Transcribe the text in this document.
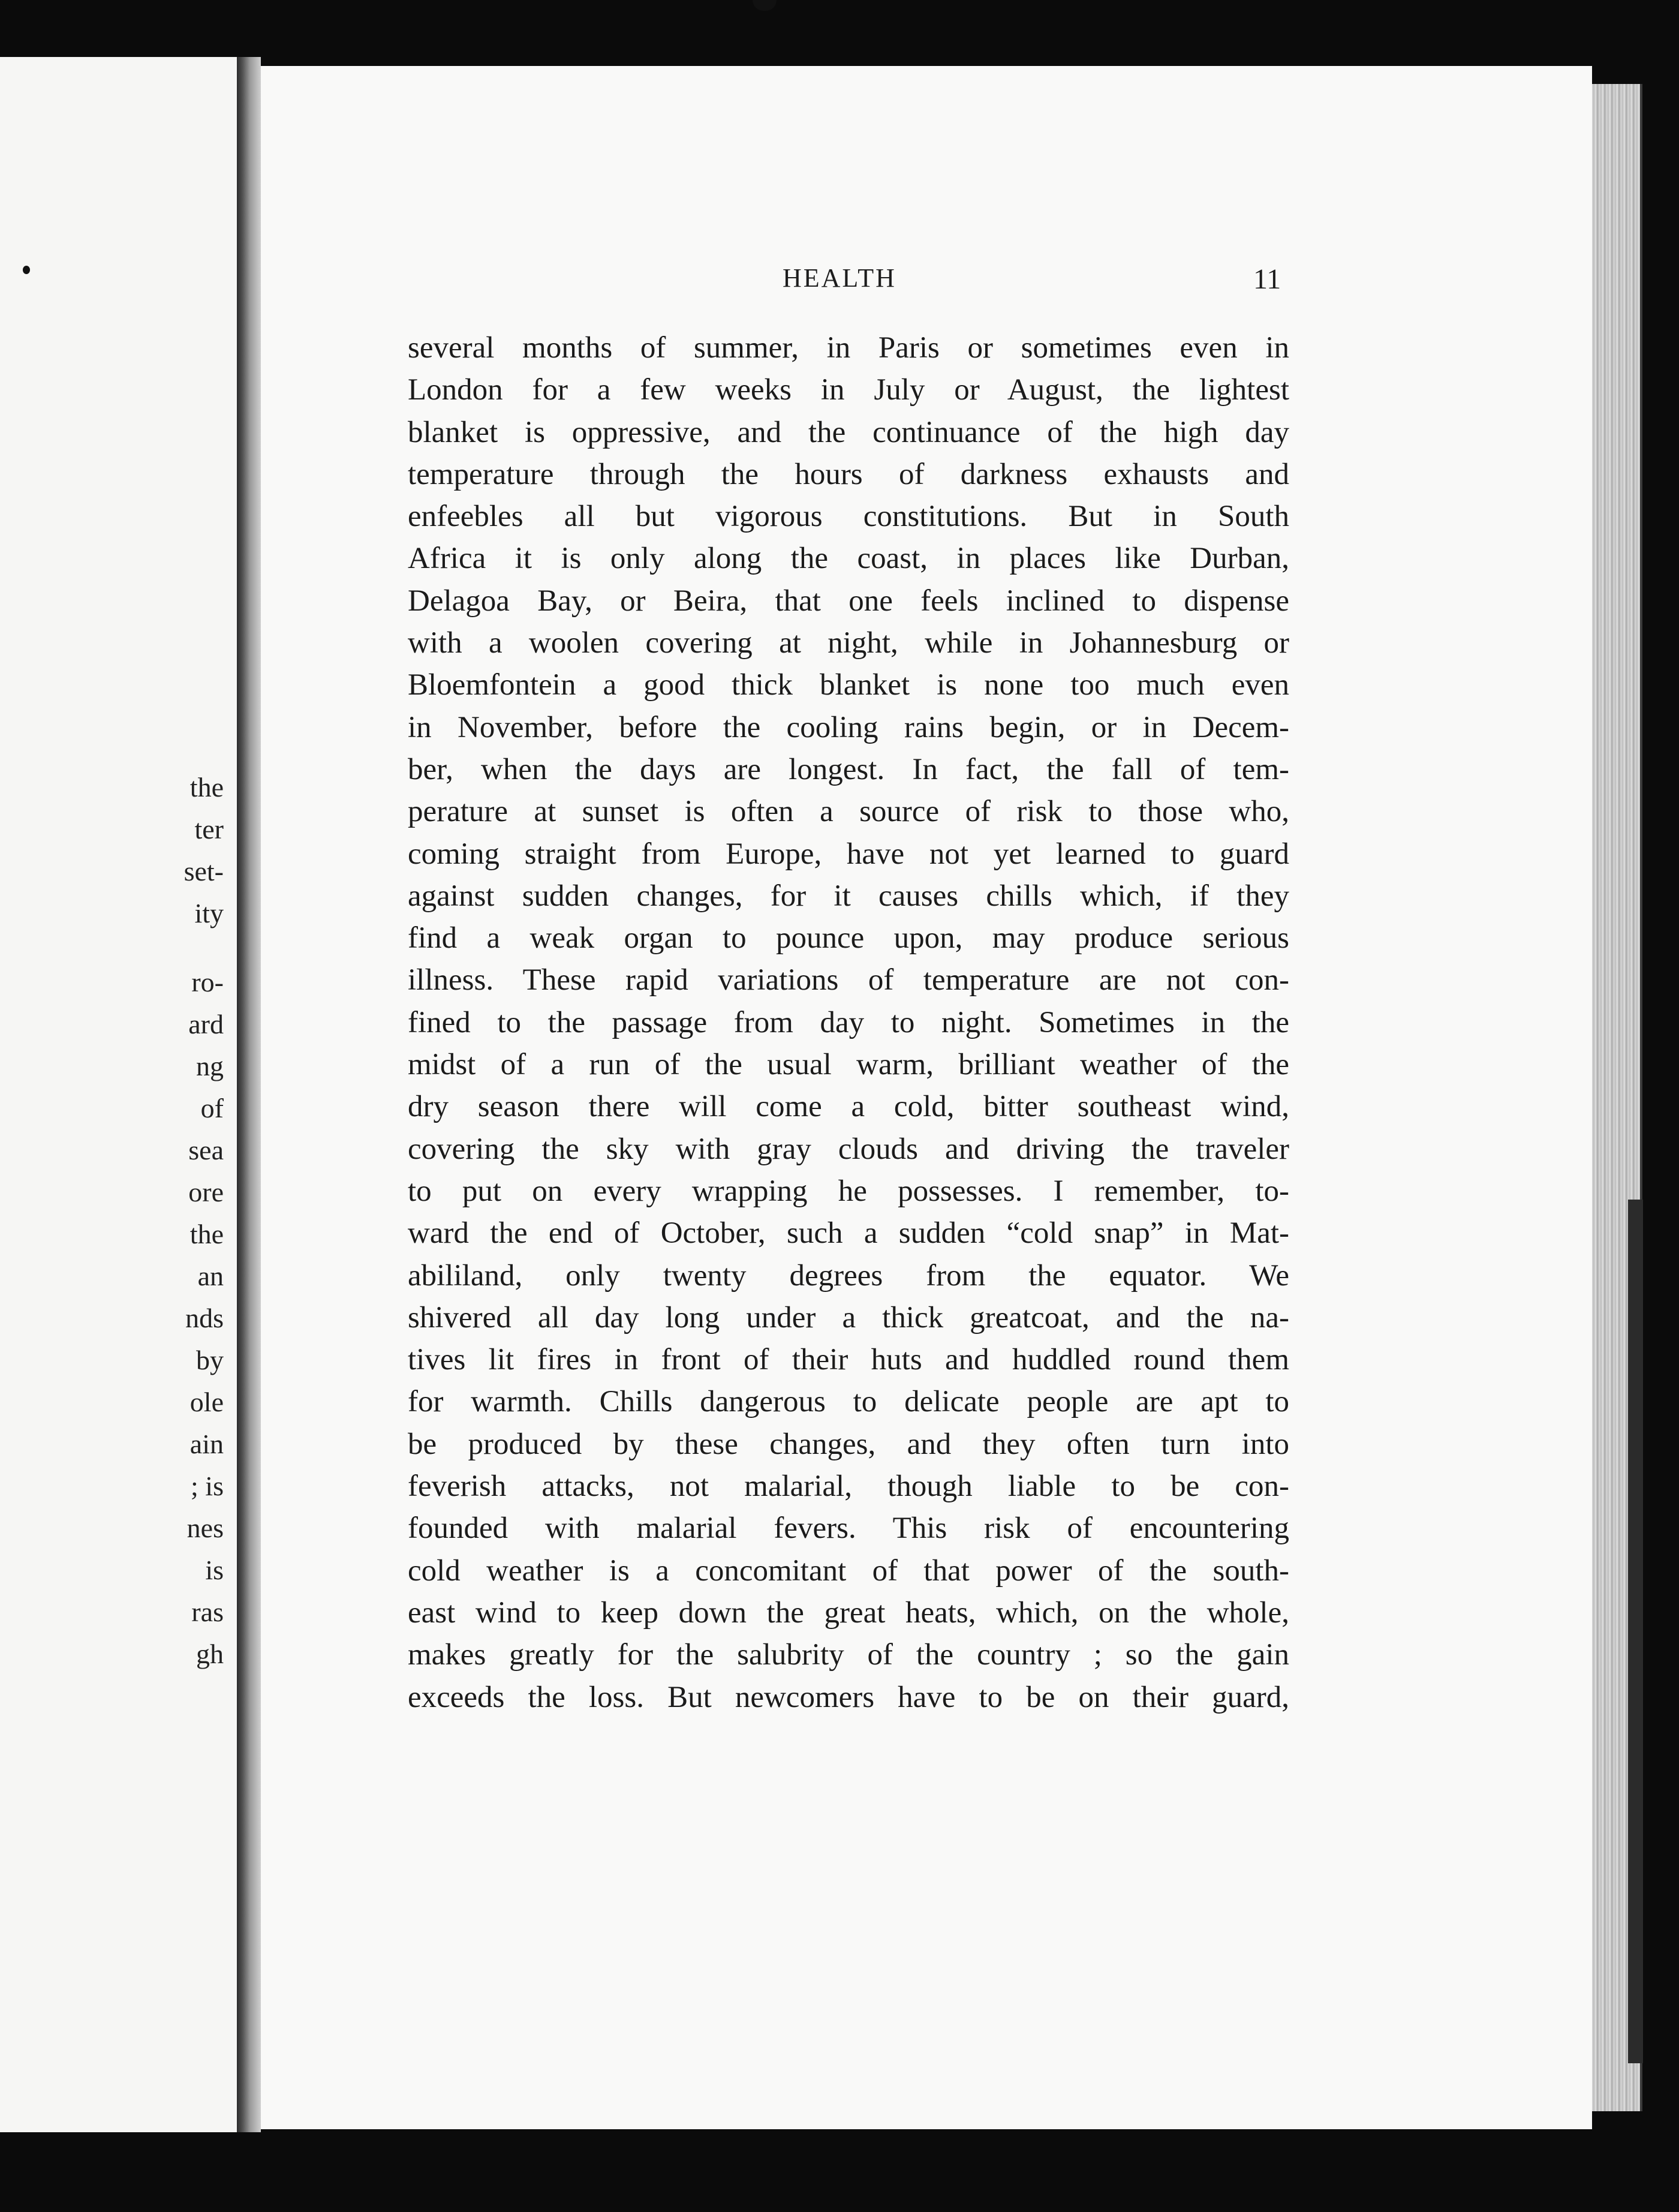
the
ter
set-
ity
ro-
ard
ng
of
sea
ore
the
an
nds
by
ole
ain
; is
nes
is
ras
gh
HEALTH	11
several months of summer, in Paris or sometimes even in
London for a few weeks in July or August, the lightest
blanket is oppressive, and the continuance of the high day
temperature through the hours of darkness exhausts and
enfeebles all but vigorous constitutions. But in South
Africa it is only along the coast, in places like Durban,
Delagoa Bay, or Beira, that one feels inclined to dispense
with a woolen covering at night, while in Johannesburg or
Bloemfontein a good thick blanket is none too much even
in November, before the cooling rains begin, or in Decem-
ber, when the days are longest. In fact, the fall of tem-
perature at sunset is often a source of risk to those who,
coming straight from Europe, have not yet learned to guard
against sudden changes, for it causes chills which, if they
find a weak organ to pounce upon, may produce serious
illness. These rapid variations of temperature are not con-
fined to the passage from day to night. Sometimes in the
midst of a run of the usual warm, brilliant weather of the
dry season there will come a cold, bitter southeast wind,
covering the sky with gray clouds and driving the traveler
to put on every wrapping he possesses. I remember, to-
ward the end of October, such a sudden “cold snap” in Mat-
abililand, only twenty degrees from the equator. We
shivered all day long under a thick greatcoat, and the na-
tives lit fires in front of their huts and huddled round them
for warmth. Chills dangerous to delicate people are apt to
be produced by these changes, and they often turn into
feverish attacks, not malarial, though liable to be con-
founded with malarial fevers. This risk of encountering
cold weather is a concomitant of that power of the south-
east wind to keep down the great heats, which, on the whole,
makes greatly for the salubrity of the country ; so the gain
exceeds the loss. But newcomers have to be on their guard,
